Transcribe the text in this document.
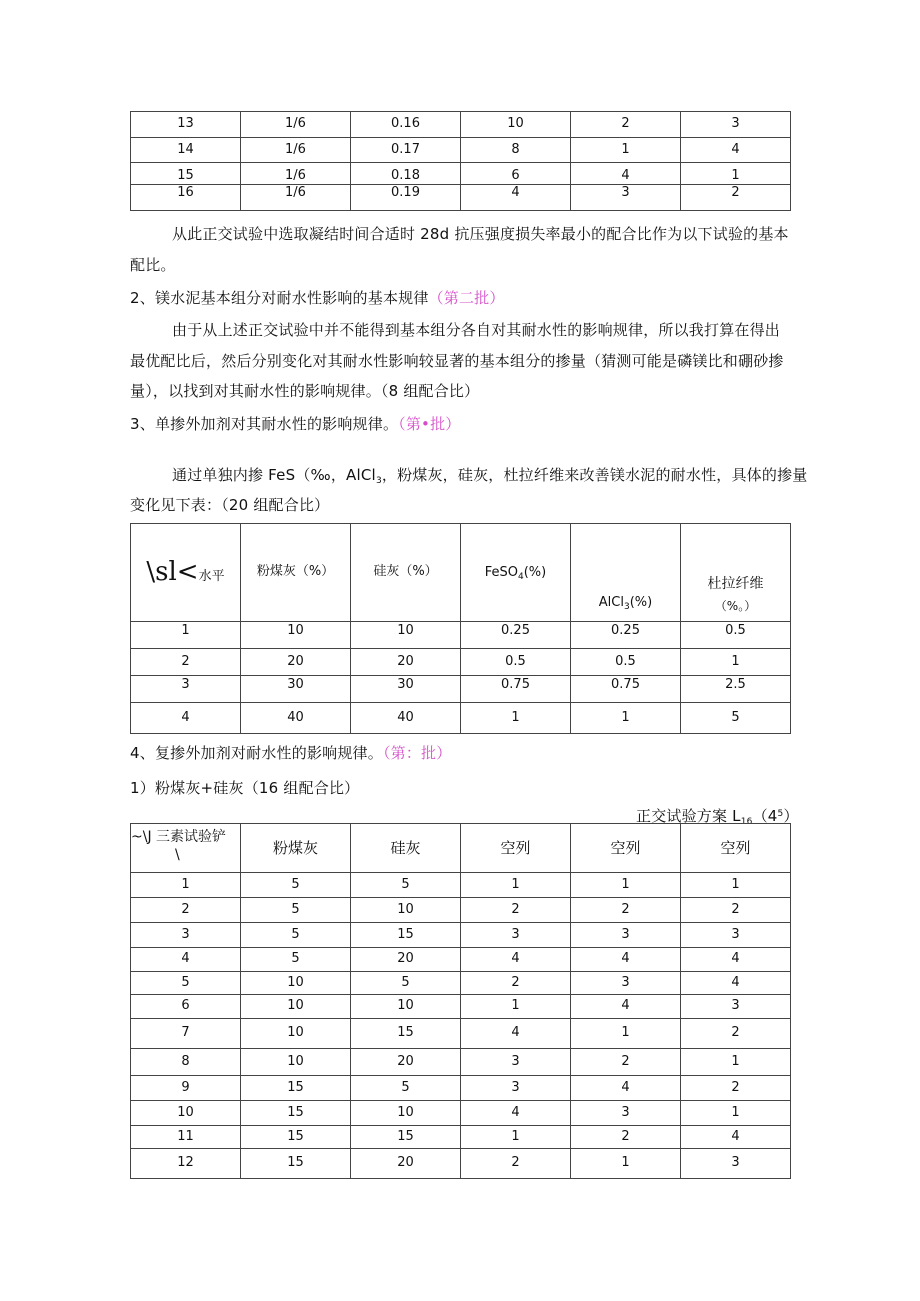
13	1/6	0.16	10	2	3
14	1/6	0.17	8	1	4
15	1/6	0.18	6	4	1
16	1/6	0.19	4	3	2
从此正交试验中选取凝结时间合适时 28d 抗压强度损失率最小的配合比作为以下试验的基本
配比。
2、镁水泥基本组分对耐水性影响的基本规律（第二批）
由于从上述正交试验中并不能得到基本组分各自对其耐水性的影响规律，所以我打算在得出
最优配比后，然后分别变化对其耐水性影响较显著的基本组分的掺量（猜测可能是磷镁比和硼砂掺
量），以找到对其耐水性的影响规律。（8 组配合比）
3、单掺外加剂对其耐水性的影响规律。（第•批）
通过单独内掺 FeS（‰，AlCl$_3$，粉煤灰，硅灰，杜拉纤维来改善镁水泥的耐水性，具体的掺量
变化见下表：（20 组配合比）
\sl<水平	粉煤灰（%）	硅灰（%）	FeSO$_4$(%)	AlCl$_3$(%)	杜拉纤维
（%。）

1	10	10	0.25	0.25	0.5
2	20	20	0.5	0.5	1
3	30	30	0.75	0.75	2.5
4	40	40	1	1	5
4、复掺外加剂对耐水性的影响规律。（第：批）
1）粉煤灰+硅灰（16 组配合比）
正交试验方案 $L_{16}(4^5)$
~\J 三素试验铲
\	粉煤灰	硅灰	空列	空列	空列
1	5	5	1	1	1
2	5	10	2	2	2
3	5	15	3	3	3
4	5	20	4	4	4
5	10	5	2	3	4
6	10	10	1	4	3
7	10	15	4	1	2
8	10	20	3	2	1
9	15	5	3	4	2
10	15	10	4	3	1
11	15	15	1	2	4
12	15	20	2	1	3
